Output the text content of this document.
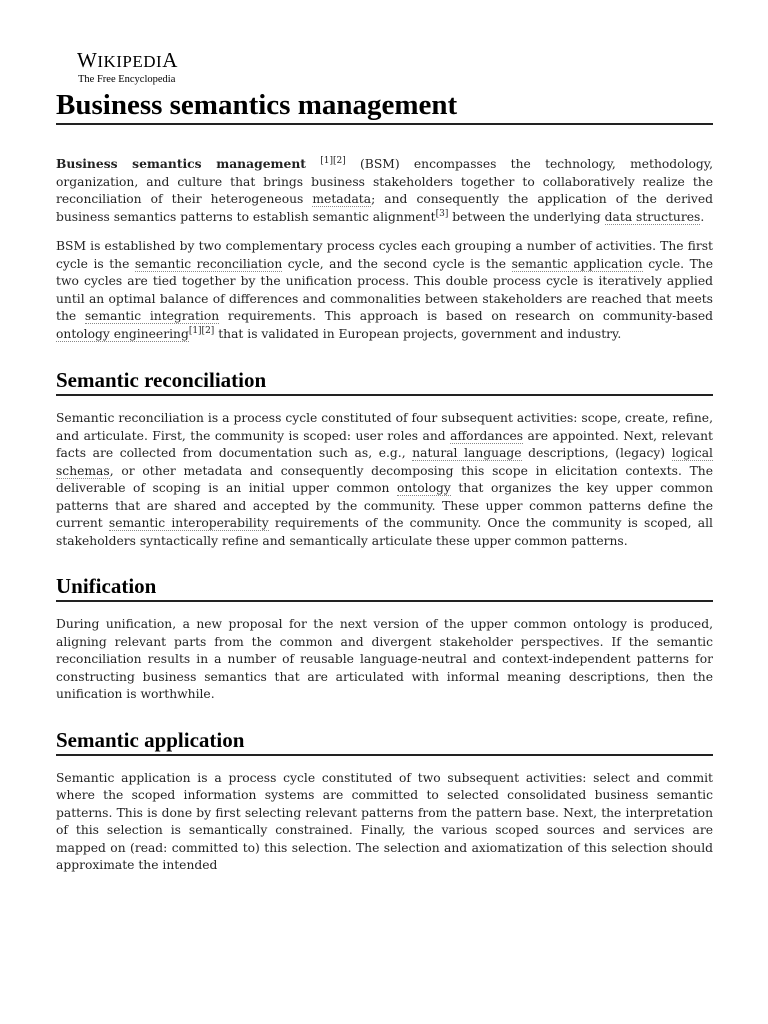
WIKIPEDIA
The Free Encyclopedia
Business semantics management

Business semantics management [1][2] (BSM) encompasses the technology, methodology, organization, and culture that brings business stakeholders together to collaboratively realize the reconciliation of their heterogeneous metadata; and consequently the application of the derived business semantics patterns to establish semantic alignment[3] between the underlying data structures.

BSM is established by two complementary process cycles each grouping a number of activities. The first cycle is the semantic reconciliation cycle, and the second cycle is the semantic application cycle. The two cycles are tied together by the unification process. This double process cycle is iteratively applied until an optimal balance of differences and commonalities between stakeholders are reached that meets the semantic integration requirements. This approach is based on research on community-based ontology engineering[1][2] that is validated in European projects, government and industry.

Semantic reconciliation

Semantic reconciliation is a process cycle constituted of four subsequent activities: scope, create, refine, and articulate. First, the community is scoped: user roles and affordances are appointed. Next, relevant facts are collected from documentation such as, e.g., natural language descriptions, (legacy) logical schemas, or other metadata and consequently decomposing this scope in elicitation contexts. The deliverable of scoping is an initial upper common ontology that organizes the key upper common patterns that are shared and accepted by the community. These upper common patterns define the current semantic interoperability requirements of the community. Once the community is scoped, all stakeholders syntactically refine and semantically articulate these upper common patterns.

Unification

During unification, a new proposal for the next version of the upper common ontology is produced, aligning relevant parts from the common and divergent stakeholder perspectives. If the semantic reconciliation results in a number of reusable language-neutral and context-independent patterns for constructing business semantics that are articulated with informal meaning descriptions, then the unification is worthwhile.

Semantic application

Semantic application is a process cycle constituted of two subsequent activities: select and commit where the scoped information systems are committed to selected consolidated business semantic patterns. This is done by first selecting relevant patterns from the pattern base. Next, the interpretation of this selection is semantically constrained. Finally, the various scoped sources and services are mapped on (read: committed to) this selection. The selection and axiomatization of this selection should approximate the intended
